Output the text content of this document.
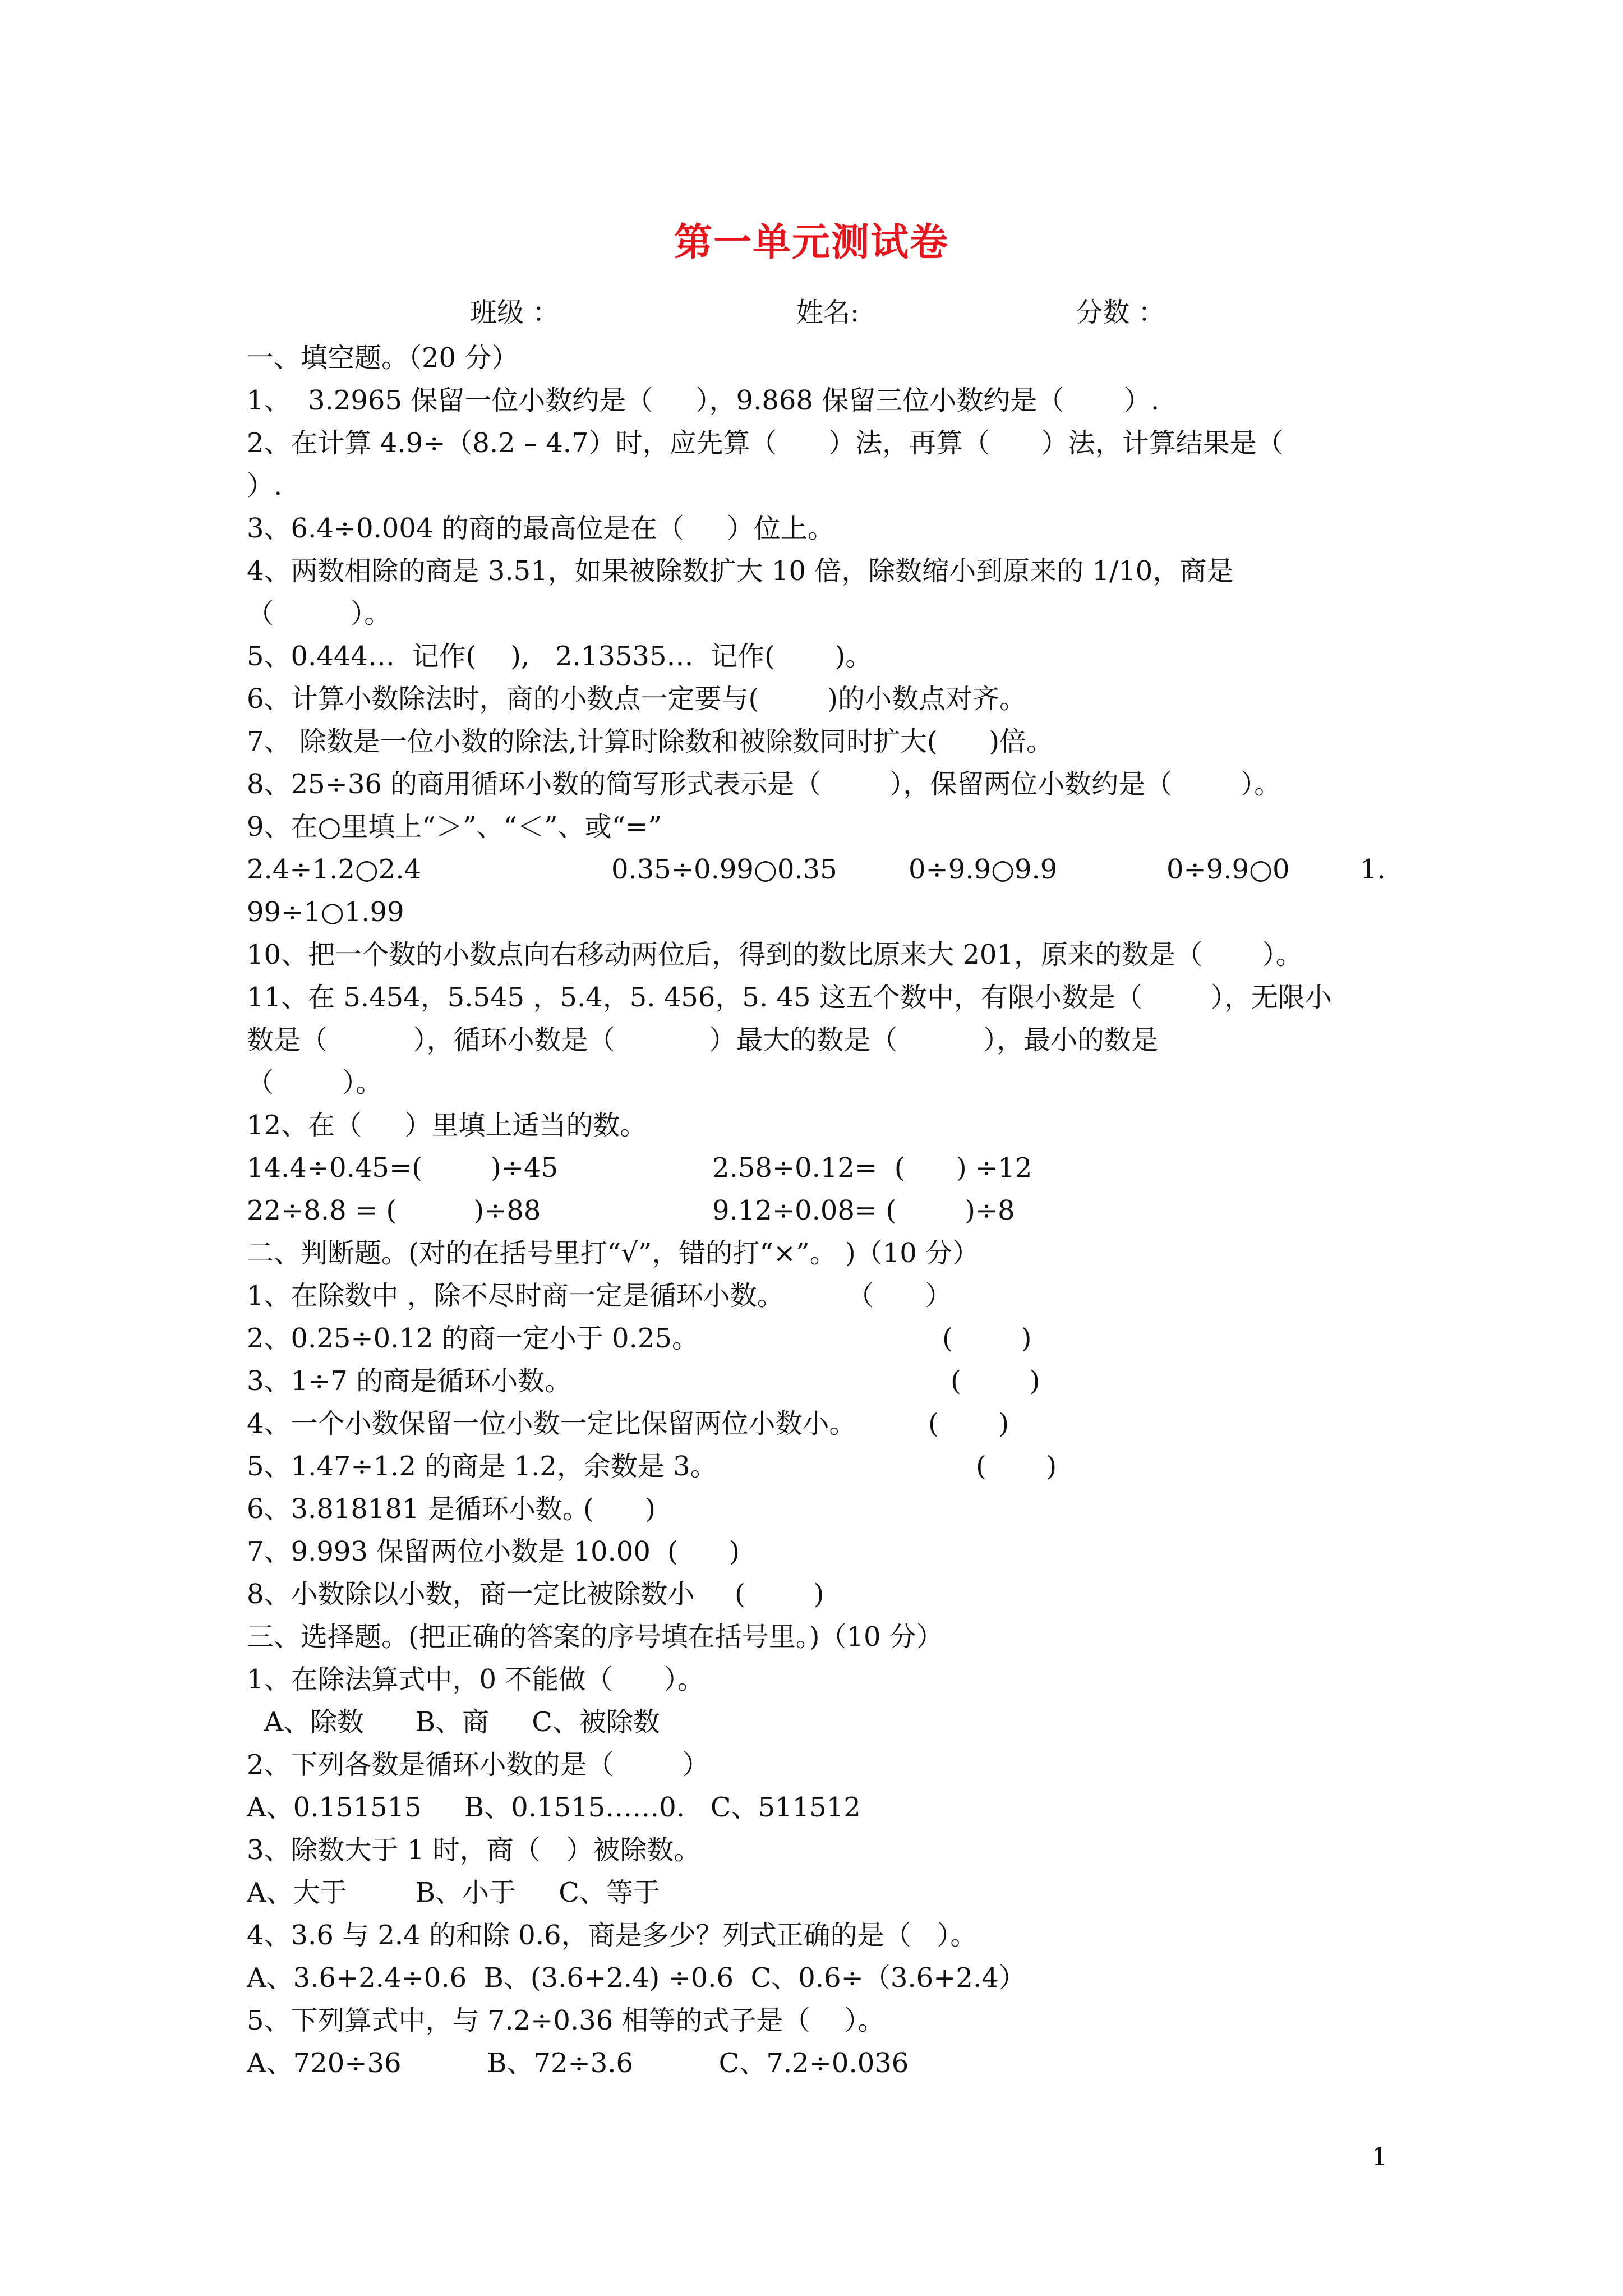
第一单元测试卷
班级 ：	姓名:	分数 ：
一、填空题。（20 分）
1、  3.2965 保留一位小数约是（     ），9.868 保留三位小数约是（       ）.
2、在计算 4.9÷（8.2 – 4.7）时，应先算（      ）法，再算（      ）法，计算结果是（
）.
3、6.4÷0.004 的商的最高位是在（     ）位上。
4、两数相除的商是 3.51，如果被除数扩大 10 倍，除数缩小到原来的 1/10，商是
（         ）。
5、0.444…  记作(    ),   2.13535…  记作(       )。
6、计算小数除法时，商的小数点一定要与(        )的小数点对齐。
7、 除数是一位小数的除法,计算时除数和被除数同时扩大(      )倍。
8、25÷36 的商用循环小数的简写形式表示是（        ），保留两位小数约是（        ）。
9、在○里填上“＞”、“＜”、或“=”

2.4÷1.2○2.4

	0.35÷0.99○0.35

	0÷9.9○9.9

	0÷9.9○0

	1.

99÷1○1.99
10、把一个数的小数点向右移动两位后，得到的数比原来大 201，原来的数是（       ）。
11、在 5.454，5.545 ，5.4，5. 456，5. 45 这五个数中，有限小数是（        ），无限小
数是（          ），循环小数是（           ）最大的数是（          ），最小的数是
（        ）。
12、在（     ）里填上适当的数。

14.4÷0.45=(        )÷45

	2.58÷0.12=  (      ) ÷12

22÷8.8 = (         )÷88

	9.12÷0.08= (        )÷8

二、判断题。(对的在括号里打“√”，错的打“×”。 )（10 分）

1、在除数中 ，除不尽时商一定是循环小数。

（      ）

2、0.25÷0.12 的商一定小于 0.25。

	(        )

3、1÷7 的商是循环小数。

	(        )

4、一个小数保留一位小数一定比保留两位小数小。

	(       )

5、1.47÷1.2 的商是 1.2，余数是 3。

	(       )

6、3.818181 是循环小数。

(      )

7、9.993 保留两位小数是 10.00

(      )

8、小数除以小数，商一定比被除数小

(        )

三、选择题。(把正确的答案的序号填在括号里。)（10 分）
1、在除法算式中，0 不能做（      ）。
A、除数      B、商     C、被除数
2、下列各数是循环小数的是（        ）
A、0.151515     B、0.1515……0.   C、511512
3、除数大于 1 时，商（   ）被除数。
A、大于        B、小于     C、等于
4、3.6 与 2.4 的和除 0.6，商是多少？列式正确的是（   ）。
A、3.6+2.4÷0.6  B、(3.6+2.4) ÷0.6  C、0.6÷（3.6+2.4）
5、下列算式中，与 7.2÷0.36 相等的式子是（    ）。
A、720÷36          B、72÷3.6          C、7.2÷0.036
1
